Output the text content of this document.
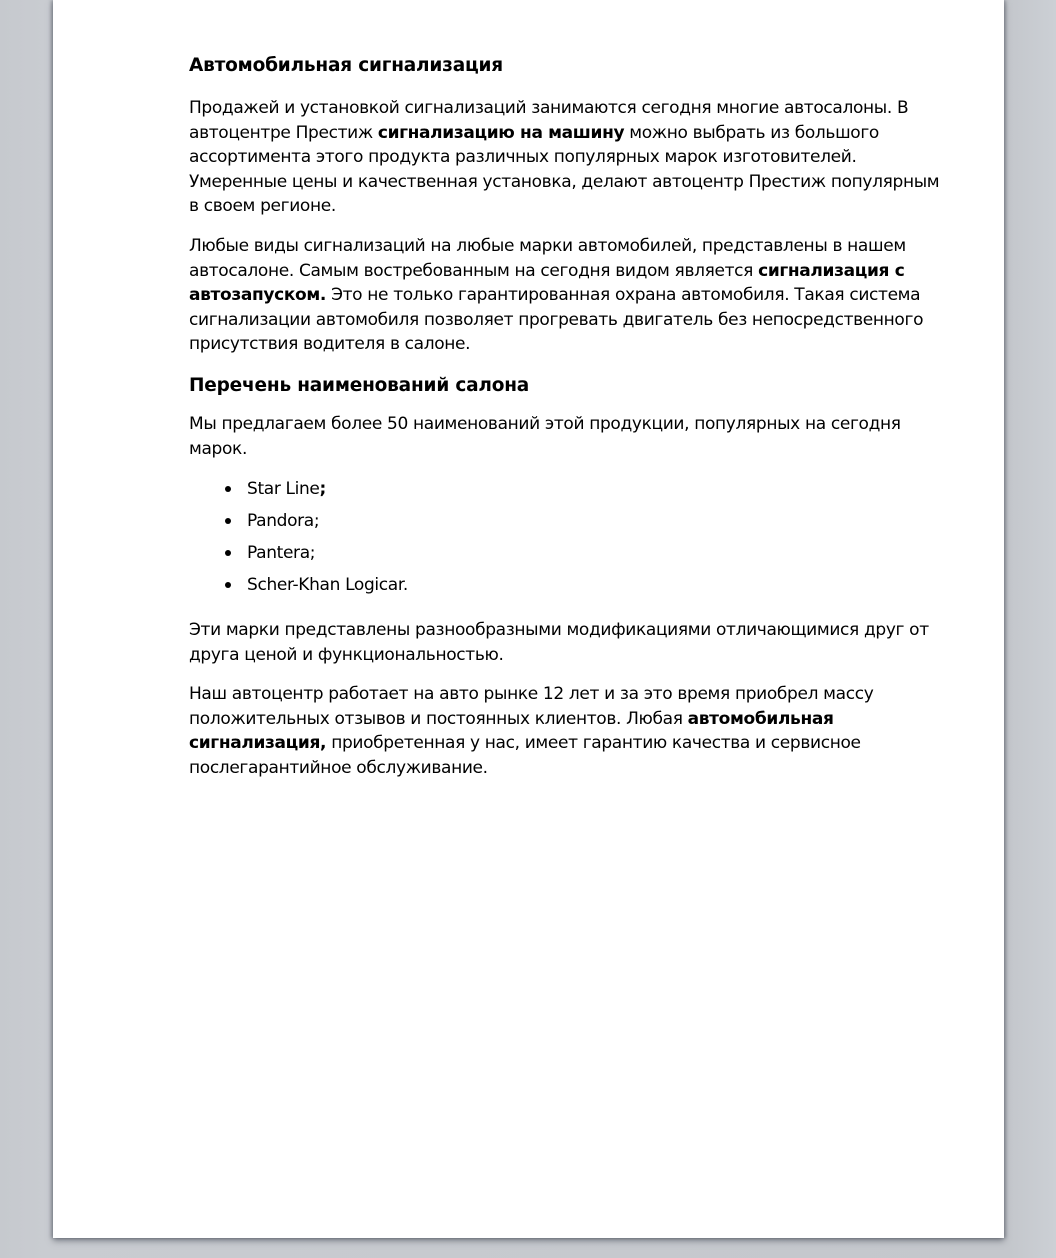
Автомобильная сигнализация

Продажей и установкой сигнализаций занимаются сегодня многие автосалоны. В автоцентре Престиж сигнализацию на машину можно выбрать из большого ассортимента этого продукта различных популярных марок изготовителей. Умеренные цены и качественная установка, делают автоцентр Престиж популярным в своем регионе.

Любые виды сигнализаций на любые марки автомобилей, представлены в нашем автосалоне. Самым востребованным на сегодня видом является сигнализация с автозапуском. Это не только гарантированная охрана автомобиля. Такая система сигнализации автомобиля позволяет прогревать двигатель без непосредственного присутствия водителя в салоне.

Перечень наименований салона

Мы предлагаем более 50 наименований этой продукции, популярных на сегодня марок.

Star Line;
Pandora;
Pantera;
Scher-Khan Logicar.

Эти марки представлены разнообразными модификациями отличающимися друг от друга ценой и функциональностью.

Наш автоцентр работает на авто рынке 12 лет и за это время приобрел массу положительных отзывов и постоянных клиентов. Любая автомобильная сигнализация, приобретенная у нас, имеет гарантию качества и сервисное послегарантийное обслуживание.
